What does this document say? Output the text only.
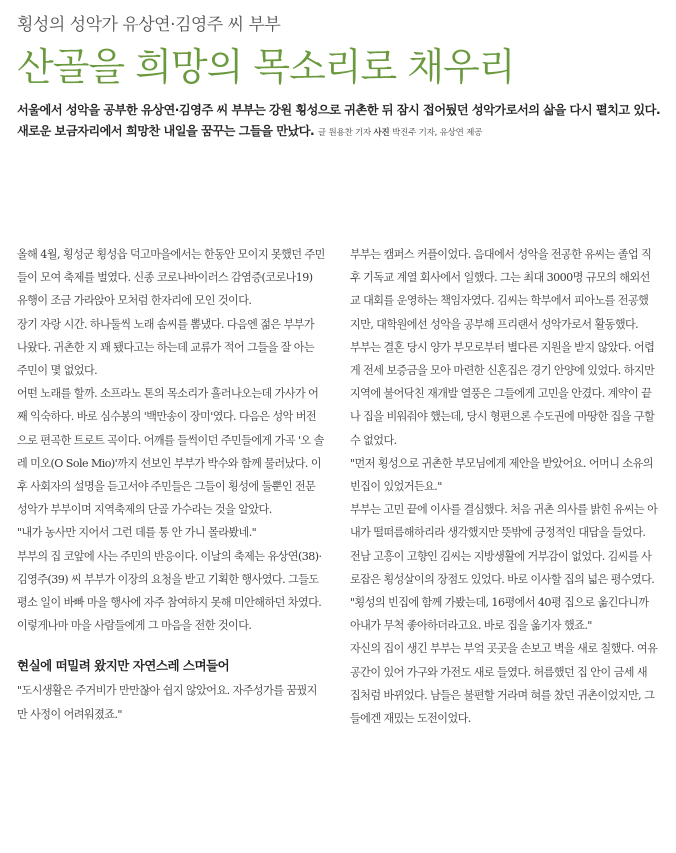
횡성의 성악가 유상연·김영주 씨 부부

산골을 희망의 목소리로 채우리

서울에서 성악을 공부한 유상연·김영주 씨 부부는 강원 횡성으로 귀촌한 뒤 잠시 접어뒀던 성악가로서의 삶을 다시 펼치고 있다. 새로운 보금자리에서 희망찬 내일을 꿈꾸는 그들을 만났다. 글 원용찬 기자 사진 박진주 기자, 유상연 제공

올해 4월, 횡성군 횡성읍 덕고마을에서는 한동안 모이지 못했던 주민들이 모여 축제를 벌였다. 신종 코로나바이러스 감염증(코로나19) 유행이 조금 가라앉아 모처럼 한자리에 모인 것이다.

장기 자랑 시간. 하나둘씩 노래 솜씨를 뽐냈다. 다음엔 젊은 부부가 나왔다. 귀촌한 지 꽤 됐다고는 하는데 교류가 적어 그들을 잘 아는 주민이 몇 없었다.

어떤 노래를 할까. 소프라노 톤의 목소리가 흘러나오는데 가사가 어째 익숙하다. 바로 심수봉의 '백만송이 장미'였다. 다음은 성악 버전으로 편곡한 트로트 곡이다. 어깨를 들썩이던 주민들에게 가곡 '오 솔레 미오(O Sole Mio)'까지 선보인 부부가 박수와 함께 물러났다. 이후 사회자의 설명을 듣고서야 주민들은 그들이 횡성에 둘뿐인 전문 성악가 부부이며 지역축제의 단골 가수라는 것을 알았다.

"내가 농사만 지어서 그런 데를 통 안 가니 몰라봤네."

부부의 집 코앞에 사는 주민의 반응이다. 이날의 축제는 유상연(38)·김영주(39) 씨 부부가 이장의 요청을 받고 기획한 행사였다. 그들도 평소 일이 바빠 마을 행사에 자주 참여하지 못해 미안해하던 차였다. 이렇게나마 마을 사람들에게 그 마음을 전한 것이다.

현실에 떠밀려 왔지만 자연스레 스며들어

"도시생활은 주거비가 만만찮아 쉽지 않았어요. 자주성가를 꿈꿨지만 사정이 어려워졌죠."

부부는 캠퍼스 커플이었다. 음대에서 성악을 전공한 유씨는 졸업 직후 기독교 계열 회사에서 일했다. 그는 최대 3000명 규모의 해외선교 대회를 운영하는 책임자였다. 김씨는 학부에서 피아노를 전공했지만, 대학원에선 성악을 공부해 프리랜서 성악가로서 활동했다.

부부는 결혼 당시 양가 부모로부터 별다른 지원을 받지 않았다. 어렵게 전세 보증금을 모아 마련한 신혼집은 경기 안양에 있었다. 하지만 지역에 불어닥친 재개발 열풍은 그들에게 고민을 안겼다. 계약이 끝나 집을 비워줘야 했는데, 당시 형편으론 수도권에 마땅한 집을 구할 수 없었다.

"먼저 횡성으로 귀촌한 부모님에게 제안을 받았어요. 어머니 소유의 빈집이 있었거든요."

부부는 고민 끝에 이사를 결심했다. 처음 귀촌 의사를 밝힌 유씨는 아내가 떨떠름해하리라 생각했지만 뜻밖에 긍정적인 대답을 들었다. 전남 고흥이 고향인 김씨는 지방생활에 거부감이 없었다. 김씨를 사로잡은 횡성살이의 장점도 있었다. 바로 이사할 집의 넓은 평수였다.

"횡성의 빈집에 함께 가봤는데, 16평에서 40평 집으로 옮긴다니까 아내가 무척 좋아하더라고요. 바로 집을 옮기자 했죠."

자신의 집이 생긴 부부는 부엌 곳곳을 손보고 벽을 새로 칠했다. 여유 공간이 있어 가구와 가전도 새로 들였다. 허름했던 집 안이 금세 새 집처럼 바뀌었다. 남들은 불편할 거라며 혀를 찼던 귀촌이었지만, 그들에겐 재밌는 도전이었다.
